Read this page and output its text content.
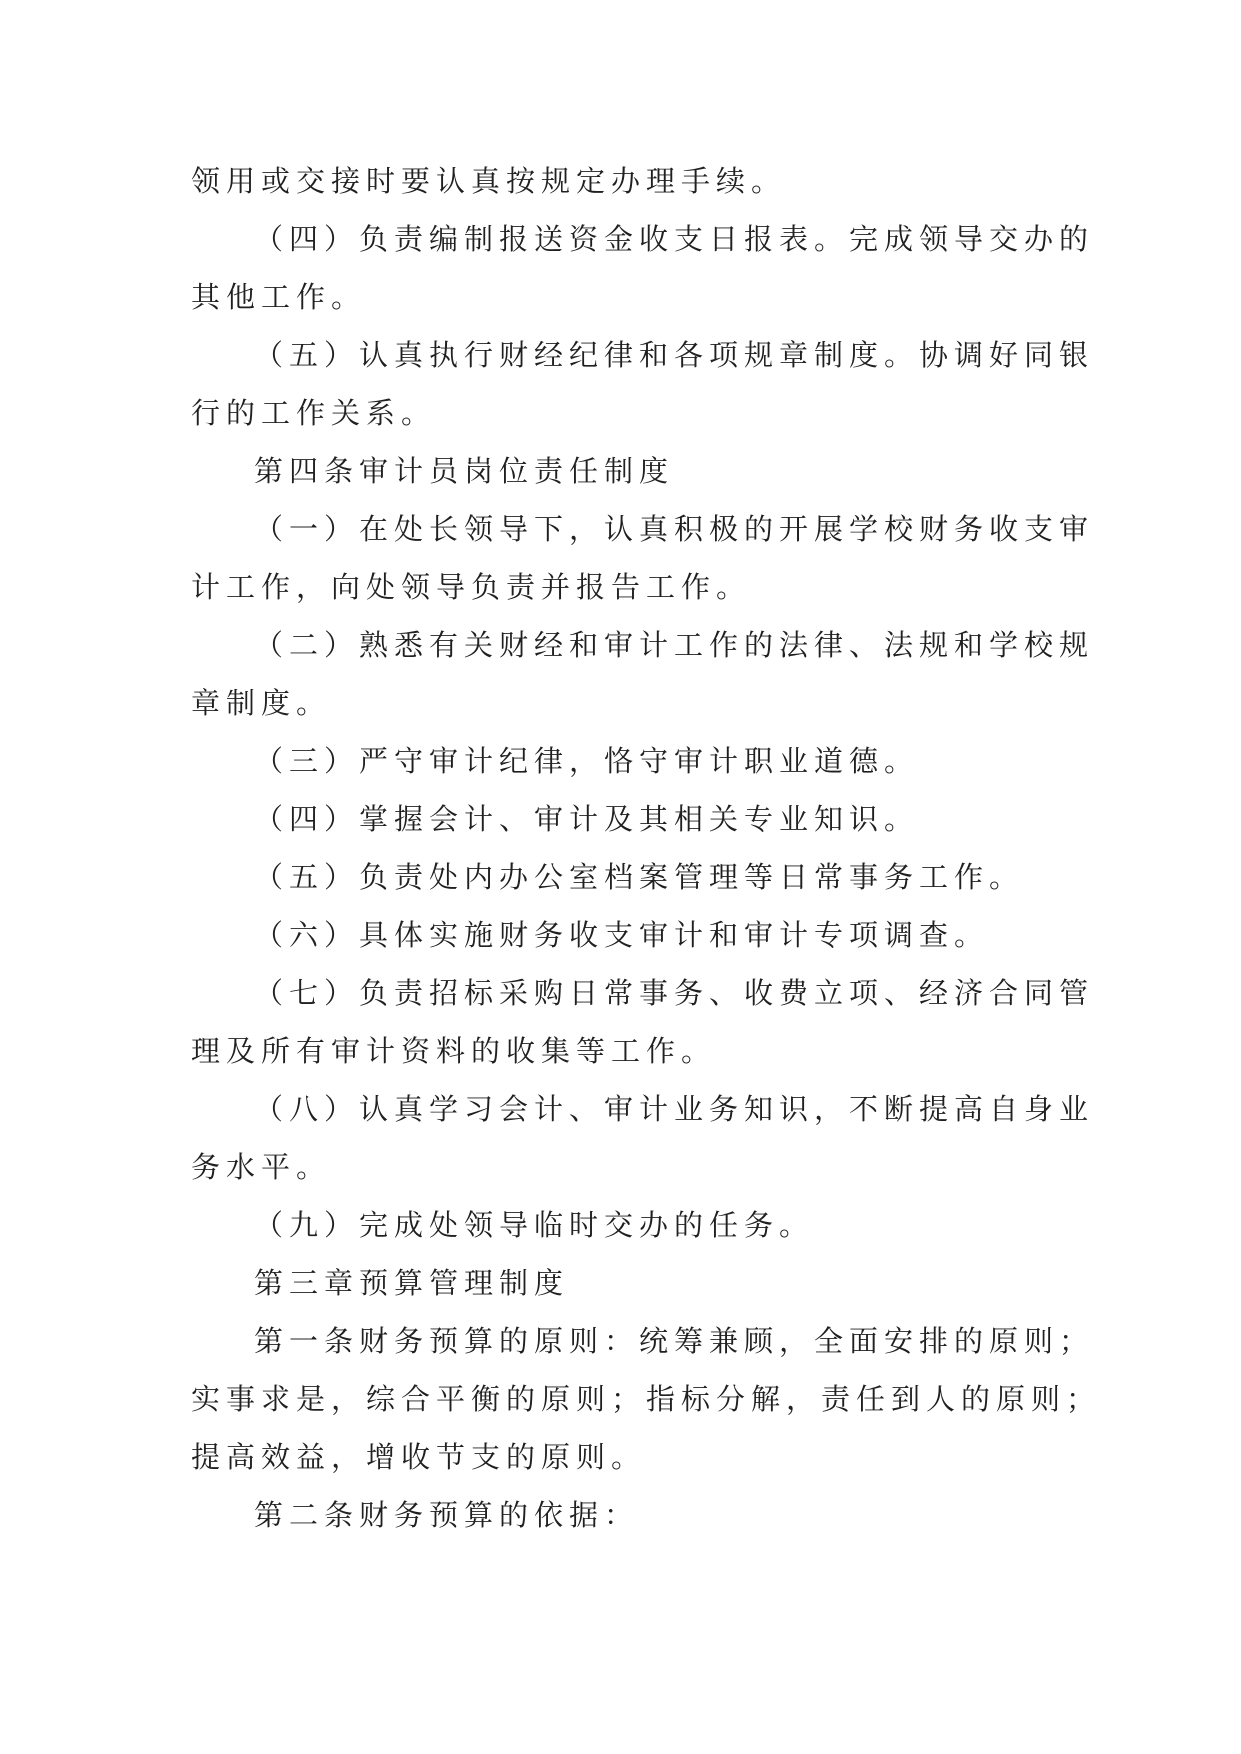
领用或交接时要认真按规定办理手续。
（四）负责编制报送资金收支日报表。完成领导交办的
其他工作。
（五）认真执行财经纪律和各项规章制度。协调好同银
行的工作关系。
第四条审计员岗位责任制度
（一）在处长领导下，认真积极的开展学校财务收支审
计工作，向处领导负责并报告工作。
（二）熟悉有关财经和审计工作的法律、法规和学校规
章制度。
（三）严守审计纪律，恪守审计职业道德。
（四）掌握会计、审计及其相关专业知识。
（五）负责处内办公室档案管理等日常事务工作。
（六）具体实施财务收支审计和审计专项调查。
（七）负责招标采购日常事务、收费立项、经济合同管
理及所有审计资料的收集等工作。
（八）认真学习会计、审计业务知识，不断提高自身业
务水平。
（九）完成处领导临时交办的任务。
第三章预算管理制度
第一条财务预算的原则：统筹兼顾，全面安排的原则；
实事求是，综合平衡的原则；指标分解，责任到人的原则；
提高效益，增收节支的原则。
第二条财务预算的依据：
